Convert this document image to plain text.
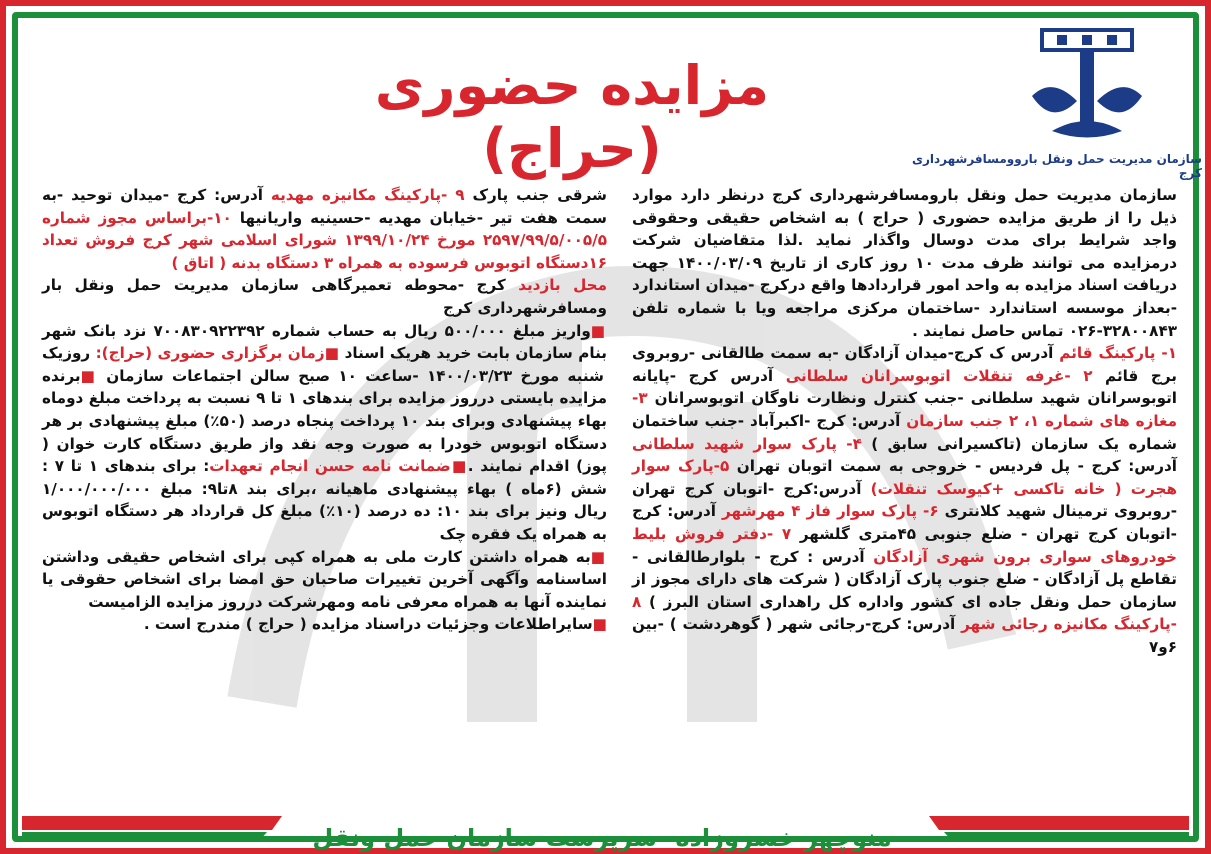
سازمان مدیریت حمل ونقل باروومسافرشهرداری کرج
مزایده حضوری (حراج)

سازمان مدیریت حمل ونقل بارومسافرشهرداری کرج درنظر دارد موارد ذیل را از طریق مزایده حضوری ( حراج ) به اشخاص حقیقی وحقوقی واجد شرایط برای مدت دوسال واگذار نماید .لذا متقاضیان شرکت درمزایده می توانند ظرف مدت ۱۰ روز کاری از تاریخ ۱۴۰۰/۰۳/۰۹ جهت دریافت اسناد مزایده به واحد امور قراردادها واقع درکرج -میدان استاندارد -بعداز موسسه استاندارد -ساختمان مرکزی مراجعه ویا با شماره تلفن ۳۲۸۰۰۸۴۳-۰۲۶ تماس حاصل نمایند .

۱- پارکینگ قائم آدرس ک کرج-میدان آزادگان -به سمت طالقانی -روبروی برج قائم ۲ -غرفه تنقلات اتوبوسرانان سلطانی آدرس کرج -پایانه اتوبوسرانان شهید سلطانی -جنب کنترل ونظارت ناوگان اتوبوسرانان ۳-مغازه های شماره ۱، ۲ جنب سازمان آدرس: کرج -اکبرآباد -جنب ساختمان شماره یک سازمان (تاکسیرانی سابق ) ۴- پارک سوار شهید سلطانی آدرس: کرج - پل فردیس - خروجی به سمت اتوبان تهران ۵-پارک سوار هجرت ( خانه تاکسی +کیوسک تنقلات) آدرس:کرج -اتوبان کرج تهران -روبروی ترمینال شهید کلانتری ۶- پارک سوار فاز ۴ مهرشهر آدرس: کرج -اتوبان کرج تهران - ضلع جنوبی ۴۵متری گلشهر ۷ -دفتر فروش بلیط خودروهای سواری برون شهری آزادگان آدرس : کرج - بلوارطالقانی - تقاطع پل آزادگان - ضلع جنوب پارک آزادگان ( شرکت های دارای مجوز از سازمان حمل ونقل جاده ای کشور واداره کل راهداری استان البرز ) ۸ -پارکینگ مکانیزه رجائی شهر آدرس: کرج-رجائی شهر ( گوهردشت ) -بین ۶و۷

شرقی جنب پارک ۹ -پارکینگ مکانیزه مهدیه آدرس: کرج -میدان توحید -به سمت هفت تیر -خیابان مهدیه -حسینیه واریانیها ۱۰-براساس مجوز شماره ۲۵۹۷/۹۹/۵/۰۰۵/۵ مورخ ۱۳۹۹/۱۰/۲۴ شورای اسلامی شهر کرج فروش تعداد ۱۶دستگاه اتوبوس فرسوده به همراه ۳ دستگاه بدنه ( اتاق )

محل بازدید کرج -محوطه تعمیرگاهی سازمان مدیریت حمل ونقل بار ومسافرشهرداری کرج

■واریز مبلغ ۵۰۰/۰۰۰ ریال به حساب شماره ۷۰۰۸۳۰۹۲۲۳۹۲ نزد بانک شهر بنام سازمان بابت خرید هریک اسناد ■زمان برگزاری حضوری (حراج): روزیک شنبه مورخ ۱۴۰۰/۰۳/۲۳ -ساعت ۱۰ صبح سالن اجتماعات سازمان ■برنده مزایده بایستی درروز مزایده برای بندهای ۱ تا ۹ نسبت به پرداخت مبلغ دوماه بهاء پیشنهادی وبرای بند ۱۰ پرداخت پنجاه درصد (۵۰٪) مبلغ پیشنهادی بر هر دستگاه اتوبوس خودرا به صورت وجه نقد واز طریق دستگاه کارت خوان ( پوز) اقدام نمایند .■ضمانت نامه حسن انجام تعهدات: برای بندهای ۱ تا ۷ : شش (۶ماه ) بهاء پیشنهادی ماهیانه ،برای بند ۸تا۹: مبلغ ۱/۰۰۰/۰۰۰/۰۰۰ ریال ونیز برای بند ۱۰: ده درصد (۱۰٪) مبلغ کل قرارداد هر دستگاه اتوبوس به همراه یک فقره چک

■به همراه داشتن کارت ملی به همراه کپی برای اشخاص حقیقی وداشتن اساسنامه وآگهی آخرین تغییرات صاحبان حق امضا برای اشخاص حقوقی یا نماینده آنها به همراه معرفی نامه ومهرشرکت درروز مزایده الزامیست

■سایراطلاعات وجزئیات دراسناد مزایده ( حراج ) مندرج است .

منوچهر خسروزاده -سرپرست سازمان حمل ونقل
